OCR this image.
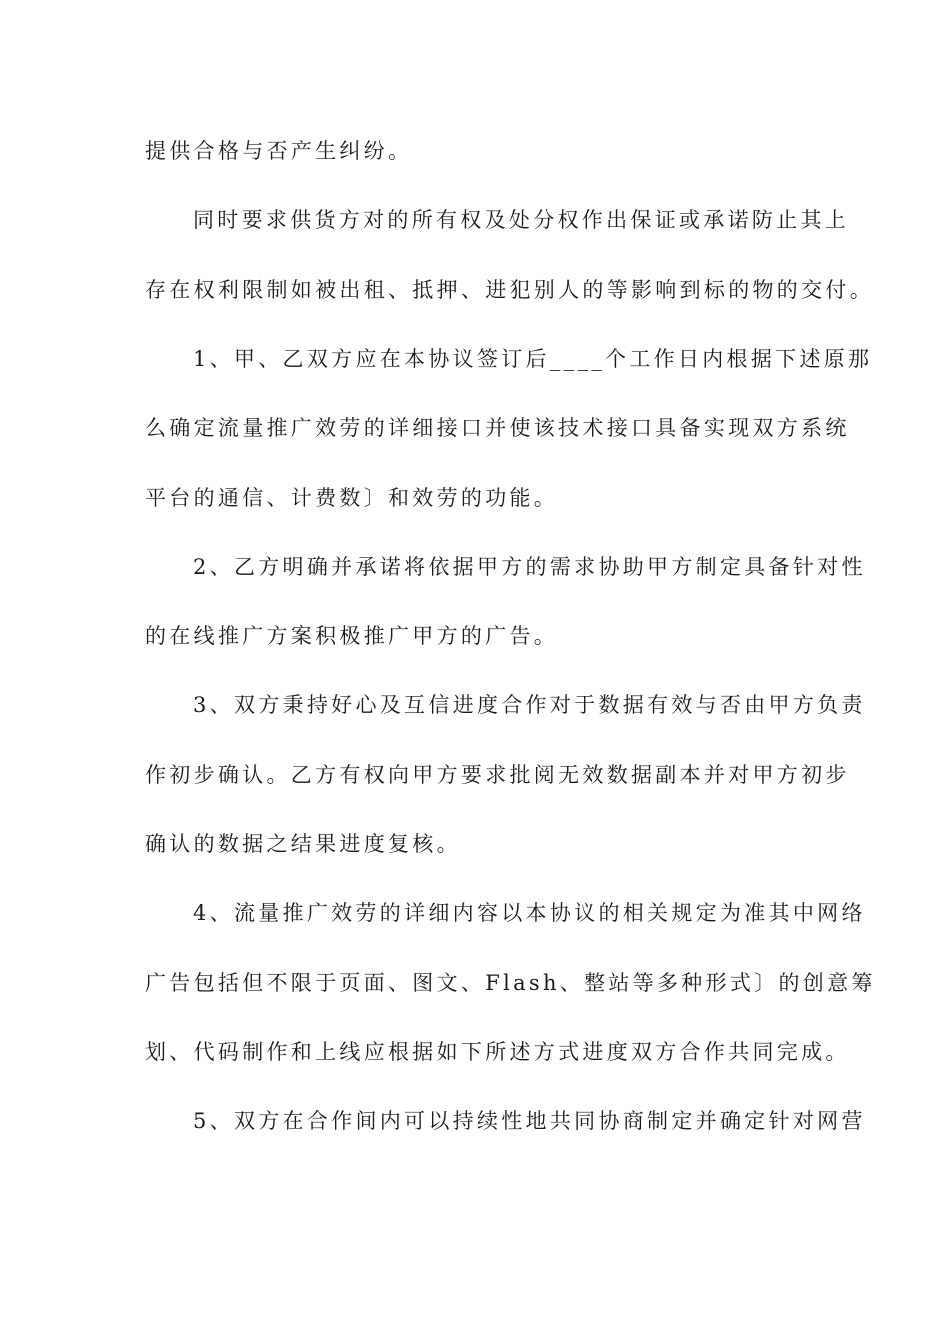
提供合格与否产生纠纷。
同时要求供货方对的所有权及处分权作出保证或承诺防止其上
存在权利限制如被出租、抵押、进犯别人的等影响到标的物的交付。
1、甲、乙双方应在本协议签订后____个工作日内根据下述原那
么确定流量推广效劳的详细接口并使该技术接口具备实现双方系统
平台的通信、计费数〕和效劳的功能。
2、乙方明确并承诺将依据甲方的需求协助甲方制定具备针对性
的在线推广方案积极推广甲方的广告。
3、双方秉持好心及互信进度合作对于数据有效与否由甲方负责
作初步确认。乙方有权向甲方要求批阅无效数据副本并对甲方初步
确认的数据之结果进度复核。
4、流量推广效劳的详细内容以本协议的相关规定为准其中网络
广告包括但不限于页面、图文、Flash、整站等多种形式〕的创意筹
划、代码制作和上线应根据如下所述方式进度双方合作共同完成。
5、双方在合作间内可以持续性地共同协商制定并确定针对网营
